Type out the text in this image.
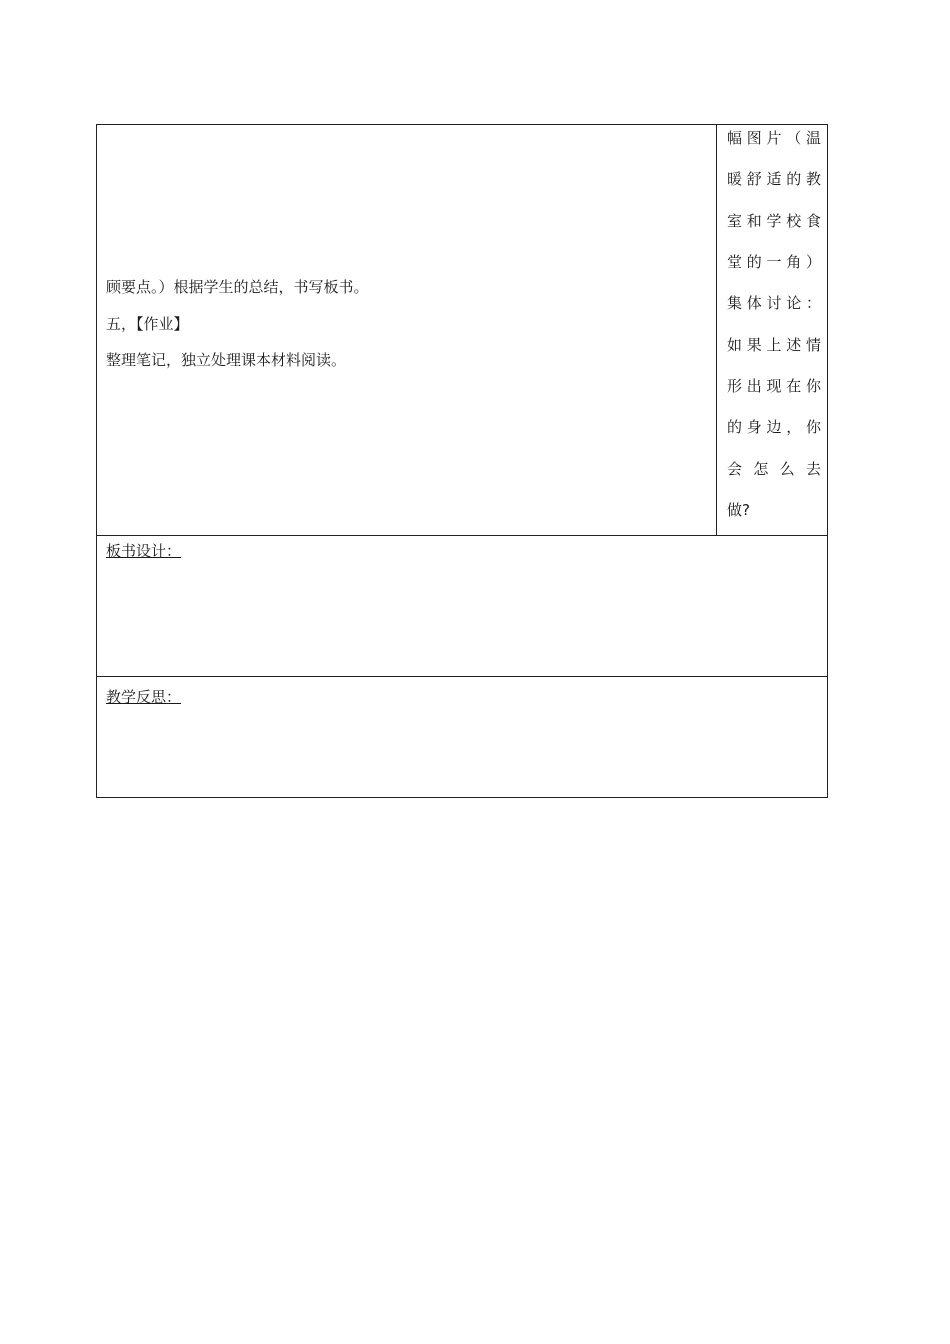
顾要点。）根据学生的总结，书写板书。
五，【作业】
整理笔记，独立处理课本材料阅读。
幅图片（温
暖舒适的教
室和学校食
堂的一角）
集体讨论：
如果上述情
形出现在你
的身边，你
会 怎 么 去
做?
板书设计：
教学反思：
